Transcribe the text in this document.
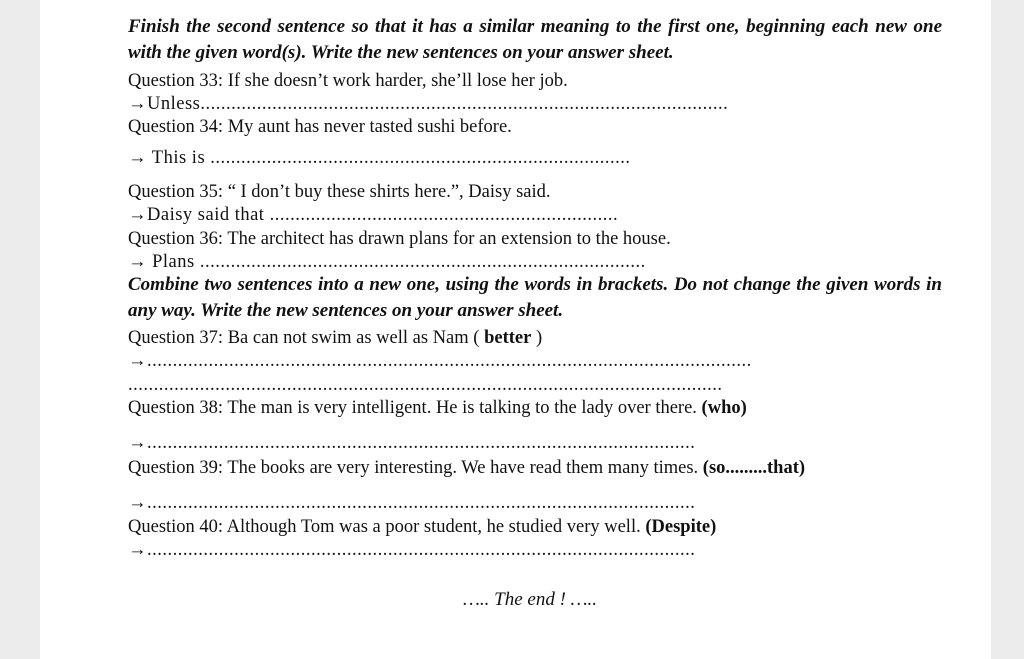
Finish the second sentence so that it has a similar meaning to the first one, beginning each new one with the given word(s). Write the new sentences on your answer sheet.
Question 33: If she doesn’t work harder, she’ll lose her job.
→Unless.......................................................................................................
Question 34: My aunt has never tasted sushi before.
→ This is ..................................................................................
Question 35: “ I don’t buy these shirts here.”, Daisy said.
→Daisy said that ....................................................................
Question 36: The architect has drawn plans for an extension to the house.
→ Plans .......................................................................................
Combine two sentences into a new one, using the words in brackets. Do not change the given words in any way. Write the new sentences on your answer sheet.
Question 37: Ba can not swim as well as Nam ( better )
→......................................................................................................................
....................................................................................................................
Question 38: The man is very intelligent. He is talking to the lady over there. (who)
→...........................................................................................................
Question 39: The books are very interesting. We have read them many times. (so.........that)
→...........................................................................................................
Question 40: Although Tom was a poor student, he studied very well. (Despite)
→...........................................................................................................
….. The end ! …..
